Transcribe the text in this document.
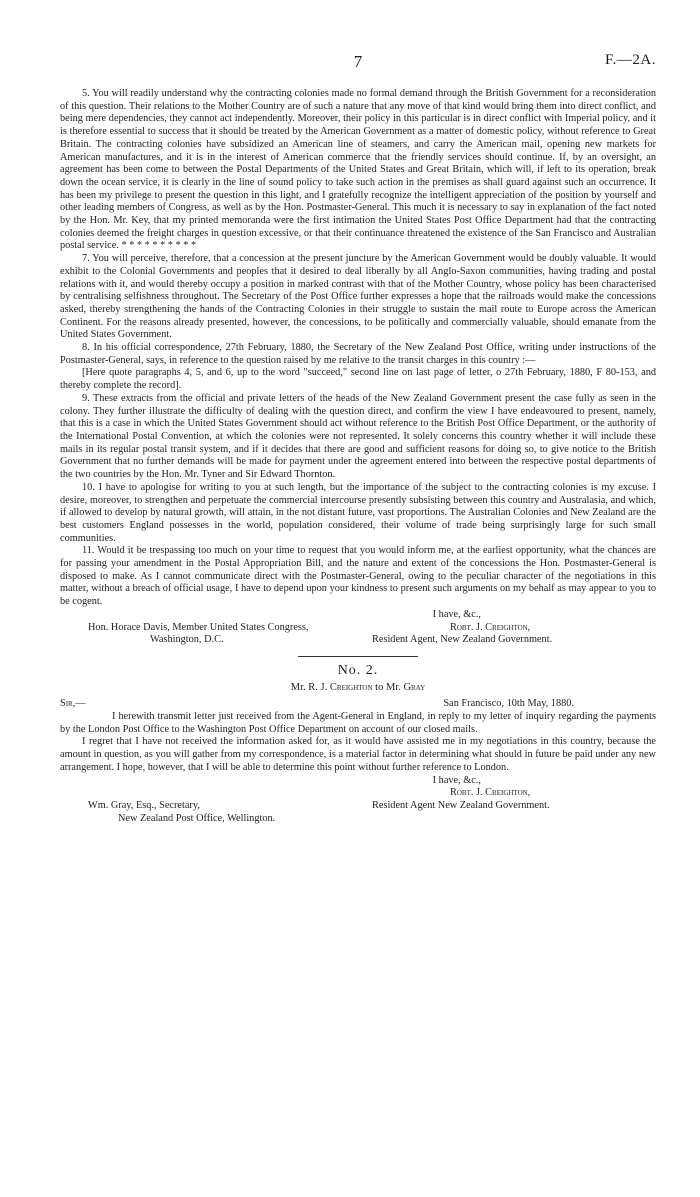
7	F.—2A.

5. You will readily understand why the contracting colonies made no formal demand through the British Government for a reconsideration of this question. Their relations to the Mother Country are of such a nature that any move of that kind would bring them into direct conflict, and being mere dependencies, they cannot act independently. Moreover, their policy in this particular is in direct conflict with Imperial policy, and it is therefore essential to success that it should be treated by the American Government as a matter of domestic policy, without reference to Great Britain. The contracting colonies have subsidized an American line of steamers, and carry the American mail, opening new markets for American manufactures, and it is in the interest of American commerce that the friendly services should continue. If, by an oversight, an agreement has been come to between the Postal Departments of the United States and Great Britain, which will, if left to its operation, break down the ocean service, it is clearly in the line of sound policy to take such action in the premises as shall guard against such an occurrence. It has been my privilege to present the question in this light, and I gratefully recognize the intelligent appreciation of the position by yourself and other leading members of Congress, as well as by the Hon. Postmaster-General. This much it is necessary to say in explanation of the fact noted by the Hon. Mr. Key, that my printed memoranda were the first intimation the United States Post Office Department had that the contracting colonies deemed the freight charges in question excessive, or that their continuance threatened the existence of the San Francisco and Australian postal service. * * * * * * * * * *

7. You will perceive, therefore, that a concession at the present juncture by the American Government would be doubly valuable. It would exhibit to the Colonial Governments and peoples that it desired to deal liberally by all Anglo-Saxon communities, having trading and postal relations with it, and would thereby occupy a position in marked contrast with that of the Mother Country, whose policy has been characterised by centralising selfishness throughout. The Secretary of the Post Office further expresses a hope that the railroads would make the concessions asked, thereby strengthening the hands of the Contracting Colonies in their struggle to sustain the mail route to Europe across the American Continent. For the reasons already presented, however, the concessions, to be politically and commercially valuable, should emanate from the United States Government.

8. In his official correspondence, 27th February, 1880, the Secretary of the New Zealand Post Office, writing under instructions of the Postmaster-General, says, in reference to the question raised by me relative to the transit charges in this country :—

[Here quote paragraphs 4, 5, and 6, up to the word "succeed," second line on last page of letter, o 27th February, 1880, F 80-153, and thereby complete the record].

9. These extracts from the official and private letters of the heads of the New Zealand Government present the case fully as seen in the colony. They further illustrate the difficulty of dealing with the question direct, and confirm the view I have endeavoured to present, namely, that this is a case in which the United States Government should act without reference to the British Post Office Department, or the authority of the International Postal Convention, at which the colonies were not represented. It solely concerns this country whether it will include these mails in its regular postal transit system, and if it decides that there are good and sufficient reasons for doing so, to give notice to the British Government that no further demands will be made for payment under the agreement entered into between the respective postal departments of the two countries by the Hon. Mr. Tyner and Sir Edward Thornton.

10. I have to apologise for writing to you at such length, but the importance of the subject to the contracting colonies is my excuse. I desire, moreover, to strengthen and perpetuate the commercial intercourse presently subsisting between this country and Australasia, and which, if allowed to develop by natural growth, will attain, in the not distant future, vast proportions. The Australian Colonies and New Zealand are the best customers England possesses in the world, population considered, their volume of trade being surprisingly large for such small communities.

11. Would it be trespassing too much on your time to request that you would inform me, at the earliest opportunity, what the chances are for passing your amendment in the Postal Appropriation Bill, and the nature and extent of the concessions the Hon. Postmaster-General is disposed to make. As I cannot communicate direct with the Postmaster-General, owing to the peculiar character of the negotiations in this matter, without a breach of official usage, I have to depend upon your kindness to present such arguments on my behalf as may appear to you to be cogent.

I have, &c.,
Hon. Horace Davis, Member United States Congress,	Robt. J. Creighton,
Washington, D.C.	Resident Agent, New Zealand Government.
No. 2.
Mr. R. J. Creighton to Mr. Gray
Sir,—	San Francisco, 10th May, 1880.

I herewith transmit letter just received from the Agent-General in England, in reply to my letter of inquiry regarding the payments by the London Post Office to the Washington Post Office Department on account of our closed mails.

I regret that I have not received the information asked for, as it would have assisted me in my negotiations in this country, because the amount in question, as you will gather from my correspondence, is a material factor in determining what should in future be paid under any new arrangement. I hope, however, that I will be able to determine this point without further reference to London.

I have, &c.,
Robt. J. Creighton,
Wm. Gray, Esq., Secretary,	Resident Agent New Zealand Government.
New Zealand Post Office, Wellington.
